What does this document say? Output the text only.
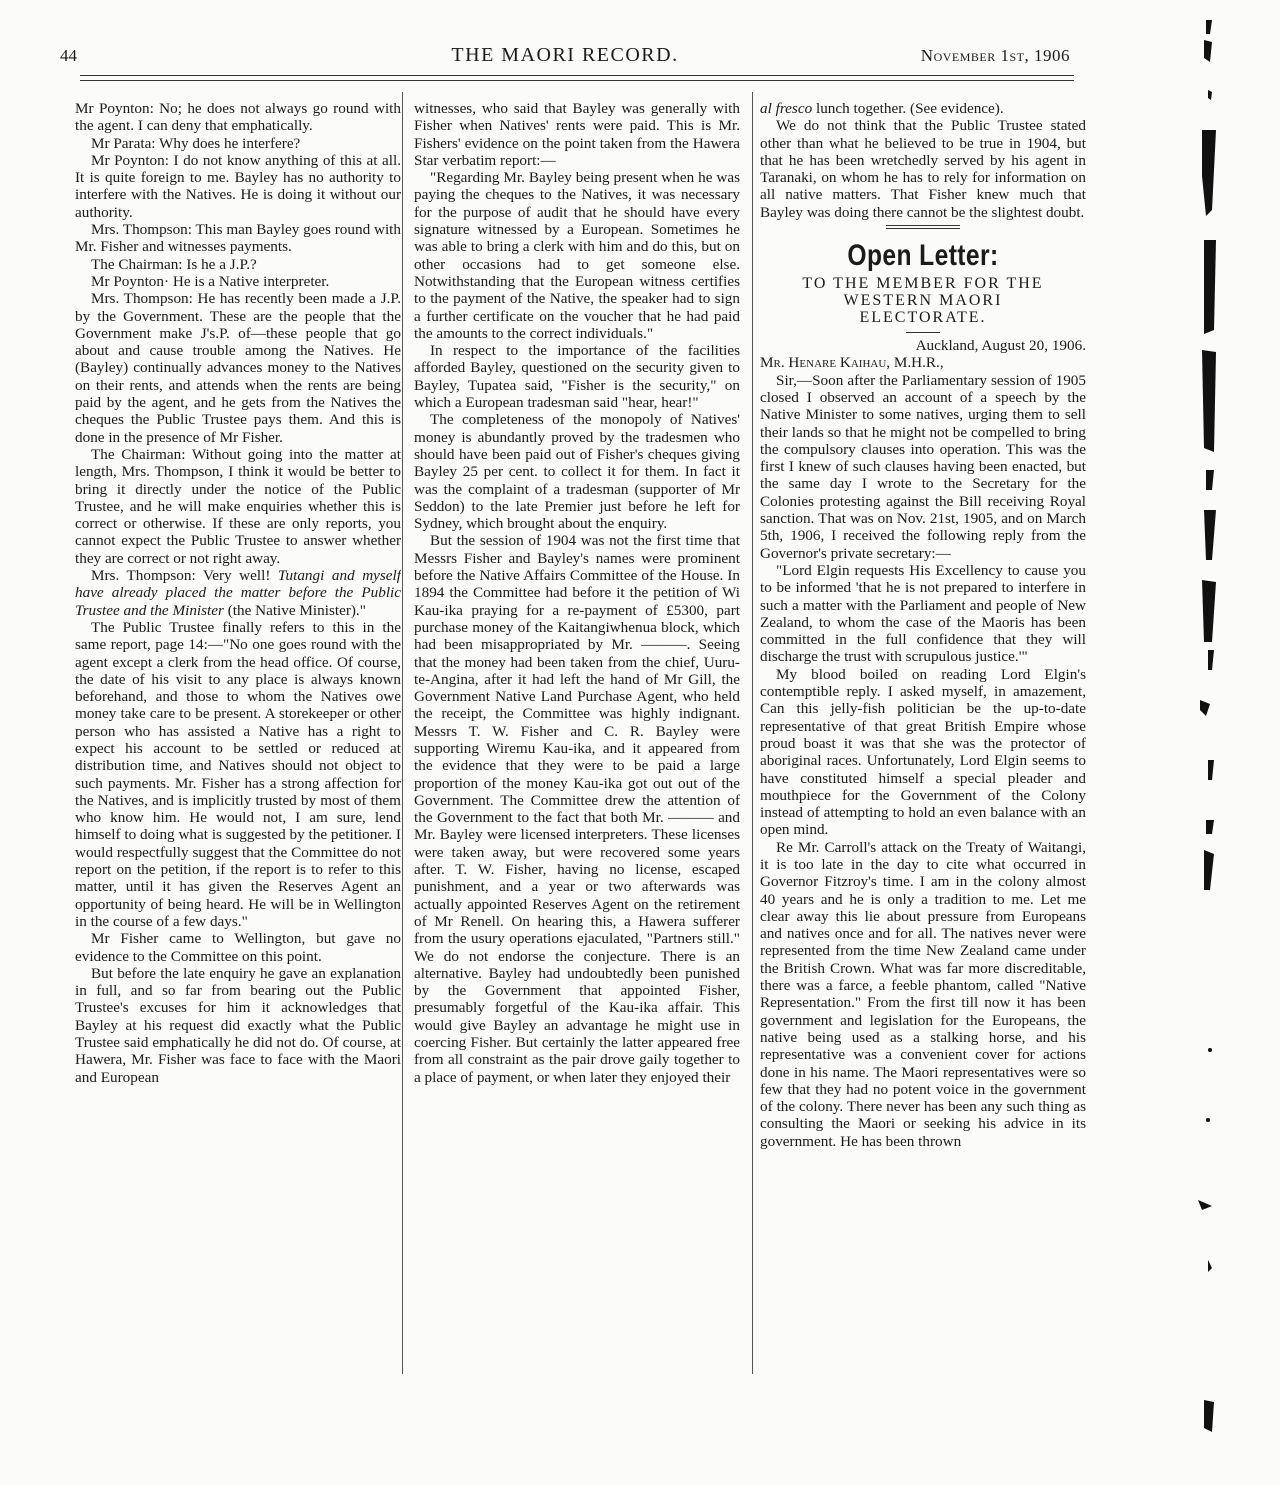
44	THE MAORI RECORD.	November 1st, 1906

Mr Poynton: No; he does not always go round with the agent. I can deny that emphatically.

Mr Parata: Why does he interfere?

Mr Poynton: I do not know anything of this at all. It is quite foreign to me. Bayley has no authority to interfere with the Natives. He is doing it without our authority.

Mrs. Thompson: This man Bayley goes round with Mr. Fisher and witnesses payments.

The Chairman: Is he a J.P.?

Mr Poynton· He is a Native interpreter.

Mrs. Thompson: He has recently been made a J.P. by the Government. These are the people that the Government make J's.P. of—these people that go about and cause trouble among the Natives. He (Bayley) continually advances money to the Natives on their rents, and attends when the rents are being paid by the agent, and he gets from the Natives the cheques the Public Trustee pays them. And this is done in the presence of Mr Fisher.

The Chairman: Without going into the matter at length, Mrs. Thompson, I think it would be better to bring it directly under the notice of the Public Trustee, and he will make enquiries whether this is correct or otherwise. If these are only reports, you cannot expect the Public Trustee to answer whether they are correct or not right away.

Mrs. Thompson: Very well! Tutangi and myself have already placed the matter before the Public Trustee and the Minister (the Native Minister)."

The Public Trustee finally refers to this in the same report, page 14:—"No one goes round with the agent except a clerk from the head office. Of course, the date of his visit to any place is always known beforehand, and those to whom the Natives owe money take care to be present. A storekeeper or other person who has assisted a Native has a right to expect his account to be settled or reduced at distribution time, and Natives should not object to such payments. Mr. Fisher has a strong affection for the Natives, and is implicitly trusted by most of them who know him. He would not, I am sure, lend himself to doing what is suggested by the petitioner. I would respectfully suggest that the Committee do not report on the petition, if the report is to refer to this matter, until it has given the Reserves Agent an opportunity of being heard. He will be in Wellington in the course of a few days."

Mr Fisher came to Wellington, but gave no evidence to the Committee on this point.

But before the late enquiry he gave an explanation in full, and so far from bearing out the Public Trustee's excuses for him it acknowledges that Bayley at his request did exactly what the Public Trustee said emphatically he did not do. Of course, at Hawera, Mr. Fisher was face to face with the Maori and European

witnesses, who said that Bayley was generally with Fisher when Natives' rents were paid. This is Mr. Fishers' evidence on the point taken from the Hawera Star verbatim report:—

"Regarding Mr. Bayley being present when he was paying the cheques to the Natives, it was necessary for the purpose of audit that he should have every signature witnessed by a European. Sometimes he was able to bring a clerk with him and do this, but on other occasions had to get someone else. Notwithstanding that the European witness certifies to the payment of the Native, the speaker had to sign a further certificate on the voucher that he had paid the amounts to the correct individuals."

In respect to the importance of the facilities afforded Bayley, questioned on the security given to Bayley, Tupatea said, "Fisher is the security," on which a European tradesman said "hear, hear!"

The completeness of the monopoly of Natives' money is abundantly proved by the tradesmen who should have been paid out of Fisher's cheques giving Bayley 25 per cent. to collect it for them. In fact it was the complaint of a tradesman (supporter of Mr Seddon) to the late Premier just before he left for Sydney, which brought about the enquiry.

But the session of 1904 was not the first time that Messrs Fisher and Bayley's names were prominent before the Native Affairs Committee of the House. In 1894 the Committee had before it the petition of Wi Kau-ika praying for a re-payment of £5300, part purchase money of the Kaitangiwhenua block, which had been misappropriated by Mr. ———. Seeing that the money had been taken from the chief, Uuru-te-Angina, after it had left the hand of Mr Gill, the Government Native Land Purchase Agent, who held the receipt, the Committee was highly indignant. Messrs T. W. Fisher and C. R. Bayley were supporting Wiremu Kau-ika, and it appeared from the evidence that they were to be paid a large proportion of the money Kau-ika got out out of the Government. The Committee drew the attention of the Government to the fact that both Mr. ——— and Mr. Bayley were licensed interpreters. These licenses were taken away, but were recovered some years after. T. W. Fisher, having no license, escaped punishment, and a year or two afterwards was actually appointed Reserves Agent on the retirement of Mr Renell. On hearing this, a Hawera sufferer from the usury operations ejaculated, "Partners still." We do not endorse the conjecture. There is an alternative. Bayley had undoubtedly been punished by the Government that appointed Fisher, presumably forgetful of the Kau-ika affair. This would give Bayley an advantage he might use in coercing Fisher. But certainly the latter appeared free from all constraint as the pair drove gaily together to a place of payment, or when later they enjoyed their

al fresco lunch together. (See evidence).

We do not think that the Public Trustee stated other than what he believed to be true in 1904, but that he has been wretchedly served by his agent in Taranaki, on whom he has to rely for information on all native matters. That Fisher knew much that Bayley was doing there cannot be the slightest doubt.

Open Letter:
TO THE MEMBER FOR THE
WESTERN MAORI
ELECTORATE.

Auckland, August 20, 1906.

Mr. Henare Kaihau, M.H.R.,

Sir,—Soon after the Parliamentary session of 1905 closed I observed an account of a speech by the Native Minister to some natives, urging them to sell their lands so that he might not be compelled to bring the compulsory clauses into operation. This was the first I knew of such clauses having been enacted, but the same day I wrote to the Secretary for the Colonies protesting against the Bill receiving Royal sanction. That was on Nov. 21st, 1905, and on March 5th, 1906, I received the following reply from the Governor's private secretary:—

"Lord Elgin requests His Excellency to cause you to be informed 'that he is not prepared to interfere in such a matter with the Parliament and people of New Zealand, to whom the case of the Maoris has been committed in the full confidence that they will discharge the trust with scrupulous justice.'"

My blood boiled on reading Lord Elgin's contemptible reply. I asked myself, in amazement, Can this jelly-fish politician be the up-to-date representative of that great British Empire whose proud boast it was that she was the protector of aboriginal races. Unfortunately, Lord Elgin seems to have constituted himself a special pleader and mouthpiece for the Government of the Colony instead of attempting to hold an even balance with an open mind.

Re Mr. Carroll's attack on the Treaty of Waitangi, it is too late in the day to cite what occurred in Governor Fitzroy's time. I am in the colony almost 40 years and he is only a tradition to me. Let me clear away this lie about pressure from Europeans and natives once and for all. The natives never were represented from the time New Zealand came under the British Crown. What was far more discreditable, there was a farce, a feeble phantom, called "Native Representation." From the first till now it has been government and legislation for the Europeans, the native being used as a stalking horse, and his representative was a convenient cover for actions done in his name. The Maori representatives were so few that they had no potent voice in the government of the colony. There never has been any such thing as consulting the Maori or seeking his advice in its government. He has been thrown
